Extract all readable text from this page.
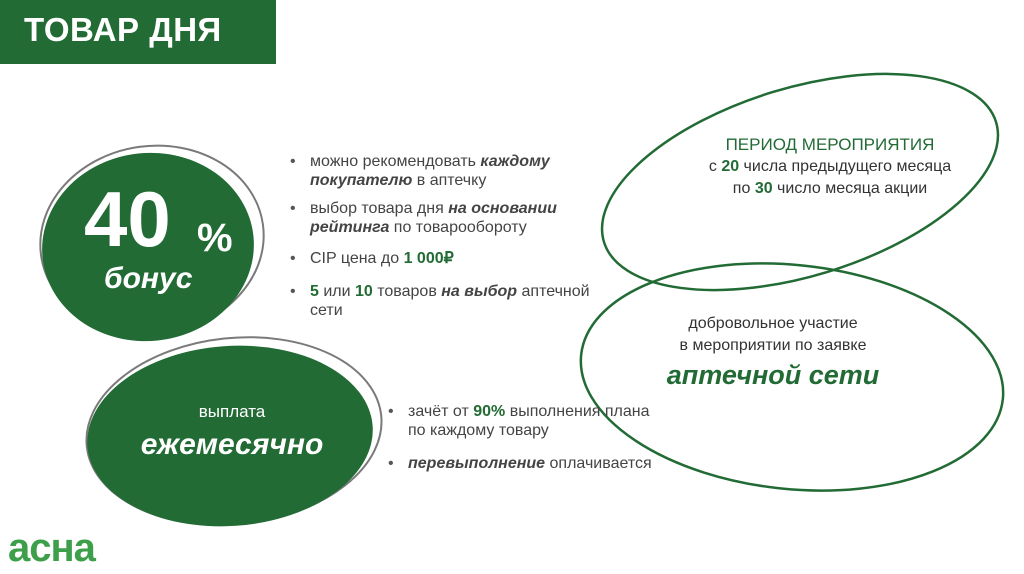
ТОВАР ДНЯ
40 %
бонус
выплата
ежемесячно
• можно рекомендовать каждому покупателю в аптечку
• выбор товара дня на основании рейтинга по товарообороту
• CIP цена до 1 000₽
• 5 или 10 товаров на выбор аптечной сети
• зачёт от 90% выполнения плана по каждому товару
• перевыполнение оплачивается
ПЕРИОД МЕРОПРИЯТИЯ
с 20 числа предыдущего месяца
по 30 число месяца акции
добровольное участие
в мероприятии по заявке
аптечной сети
асна
